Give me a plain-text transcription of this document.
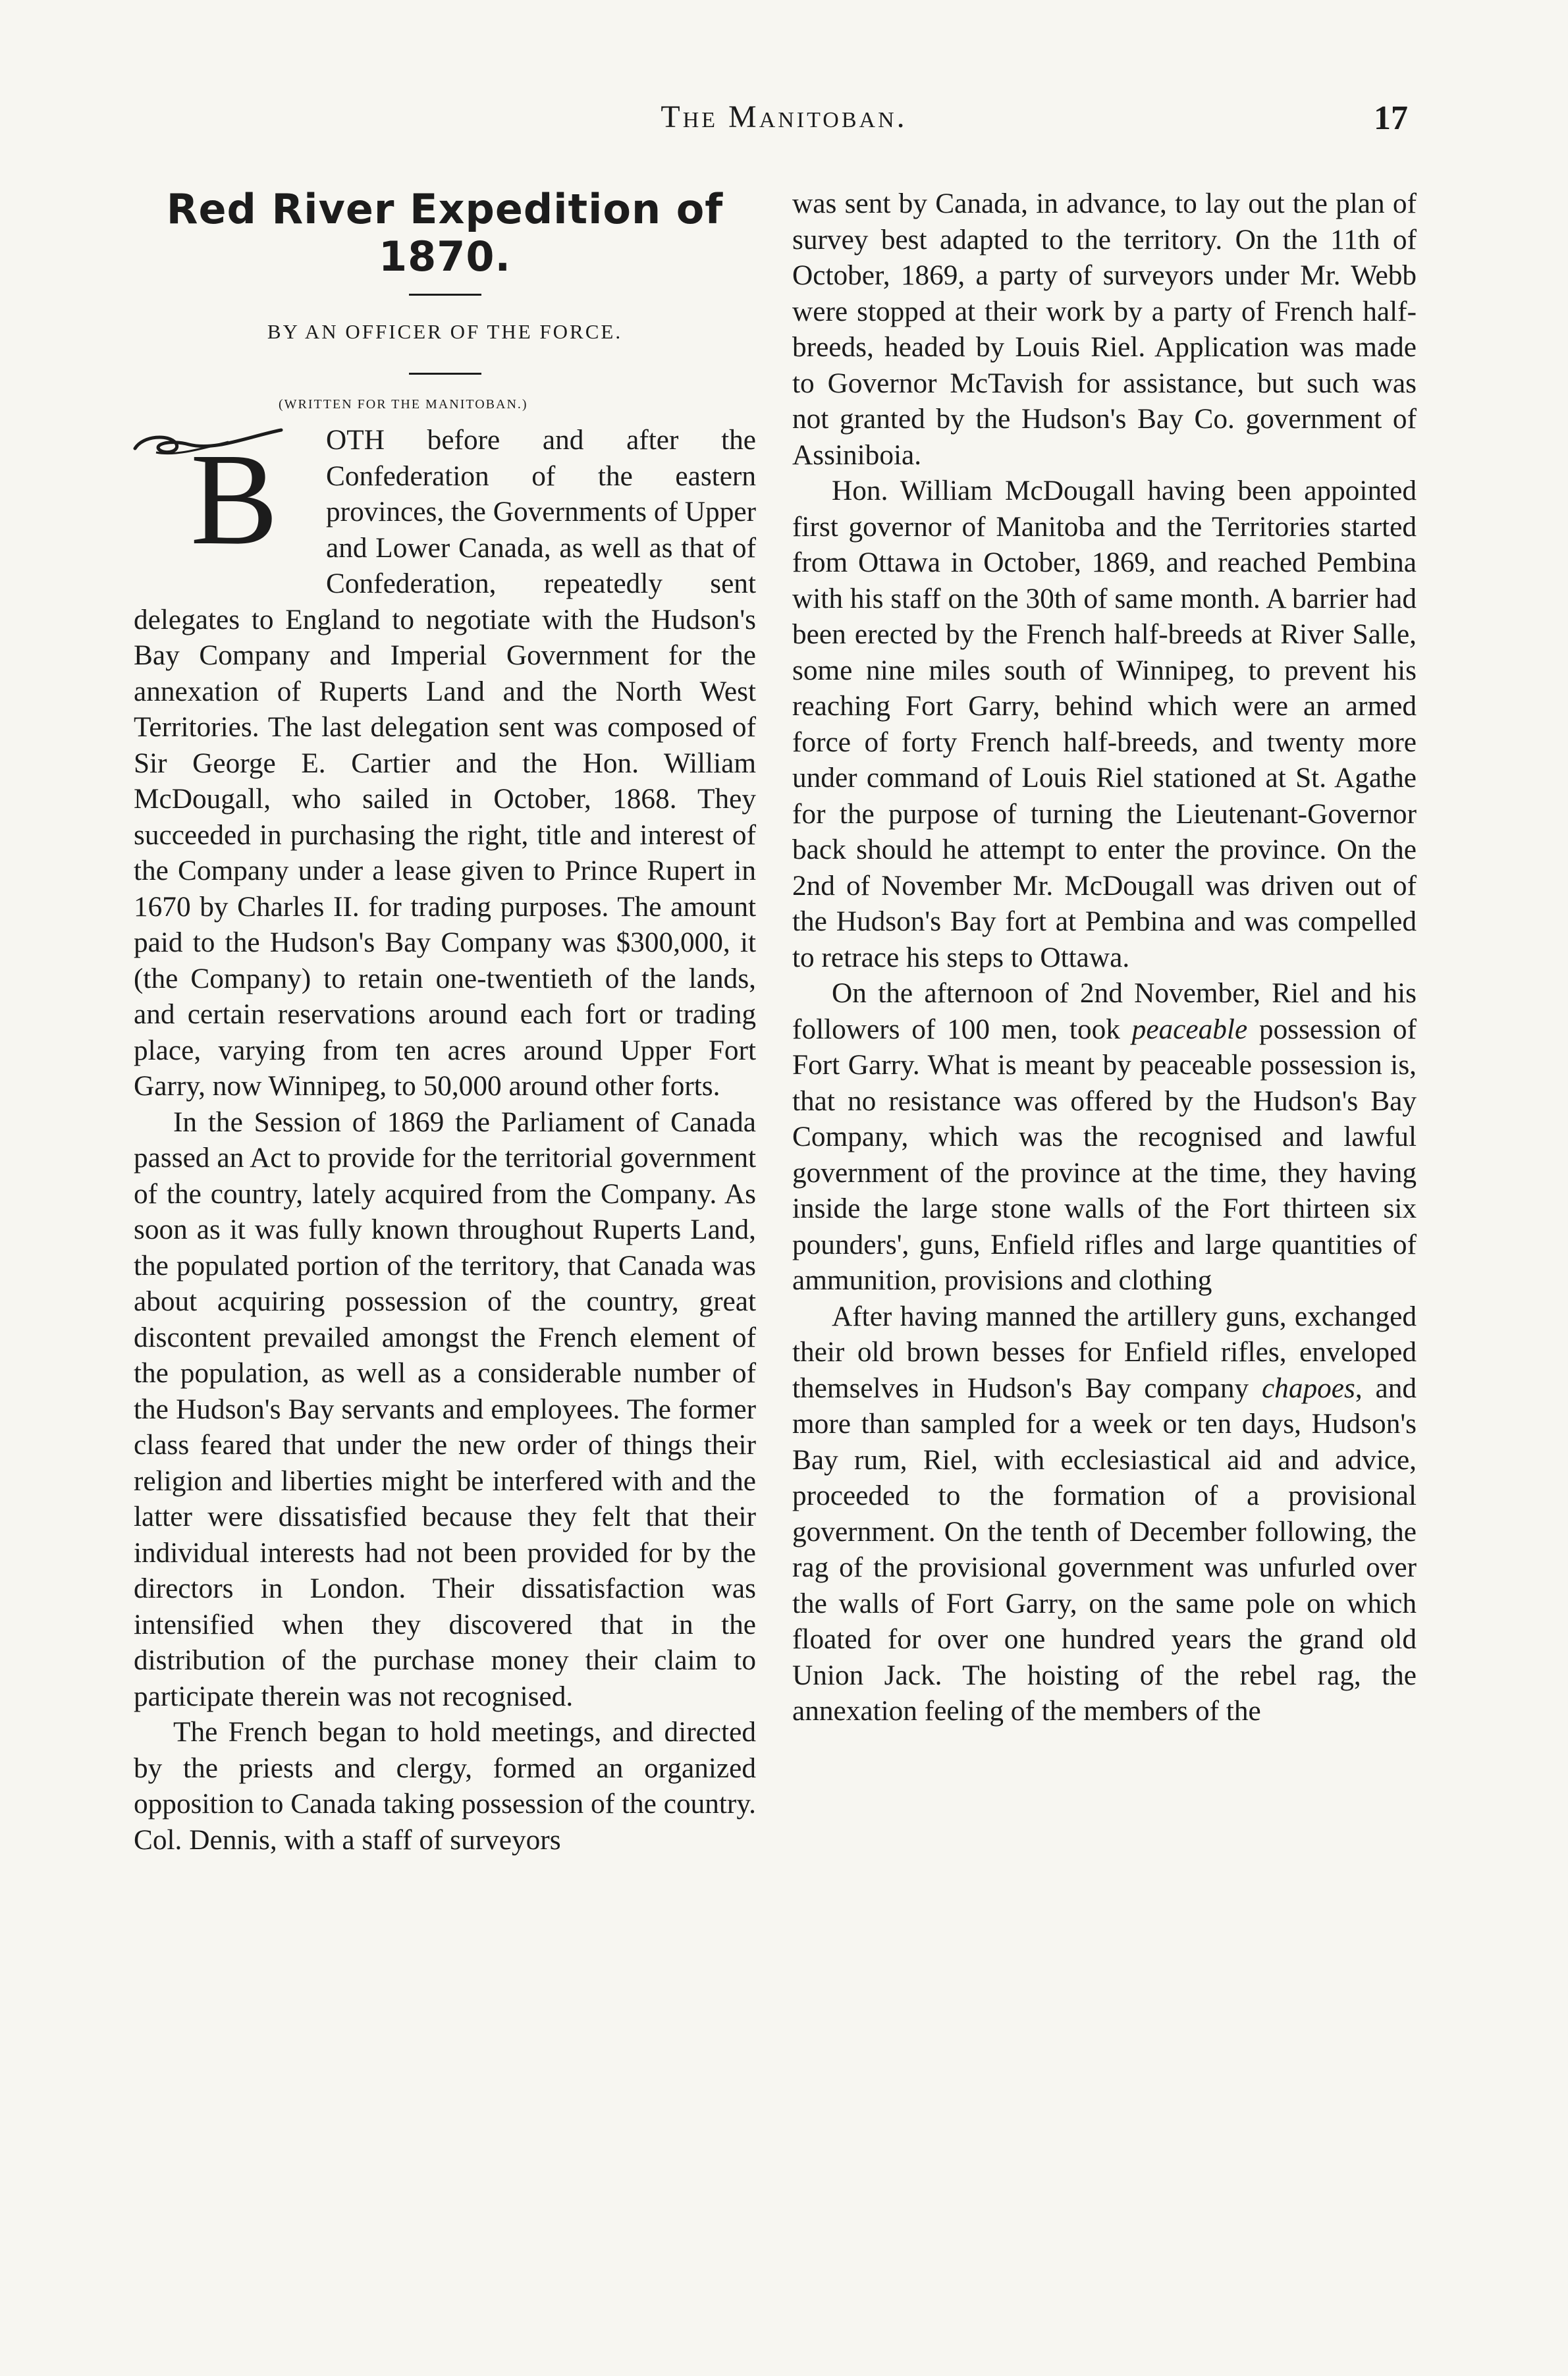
The Manitoban.	17
Red River Expedition of 1870.
BY AN OFFICER OF THE FORCE.
(WRITTEN FOR THE MANITOBAN.)

B OTH before and after the Confederation of the eastern provinces, the Governments of Upper and Lower Canada, as well as that of Confederation, repeatedly sent delegates to England to negotiate with the Hudson's Bay Company and Imperial Government for the annexation of Ruperts Land and the North West Territories. The last delegation sent was composed of Sir George E. Cartier and the Hon. William McDougall, who sailed in October, 1868. They succeeded in purchasing the right, title and interest of the Company under a lease given to Prince Rupert in 1670 by Charles II. for trading purposes. The amount paid to the Hudson's Bay Company was $300,000, it (the Company) to retain one-twentieth of the lands, and certain reservations around each fort or trading place, varying from ten acres around Upper Fort Garry, now Winnipeg, to 50,000 around other forts.

In the Session of 1869 the Parliament of Canada passed an Act to provide for the territorial government of the country, lately acquired from the Company. As soon as it was fully known throughout Ruperts Land, the populated portion of the territory, that Canada was about acquiring possession of the country, great discontent prevailed amongst the French element of the population, as well as a considerable number of the Hudson's Bay servants and employees. The former class feared that under the new order of things their religion and liberties might be interfered with and the latter were dissatisfied because they felt that their individual interests had not been provided for by the directors in London. Their dissatisfaction was intensified when they discovered that in the distribution of the purchase money their claim to participate therein was not recognised.

The French began to hold meetings, and directed by the priests and clergy, formed an organized opposition to Canada taking possession of the country. Col. Dennis, with a staff of surveyors

was sent by Canada, in advance, to lay out the plan of survey best adapted to the territory. On the 11th of October, 1869, a party of surveyors under Mr. Webb were stopped at their work by a party of French half-breeds, headed by Louis Riel. Application was made to Governor McTavish for assistance, but such was not granted by the Hudson's Bay Co. government of Assiniboia.

Hon. William McDougall having been appointed first governor of Manitoba and the Territories started from Ottawa in October, 1869, and reached Pembina with his staff on the 30th of same month. A barrier had been erected by the French half-breeds at River Salle, some nine miles south of Winnipeg, to prevent his reaching Fort Garry, behind which were an armed force of forty French half-breeds, and twenty more under command of Louis Riel stationed at St. Agathe for the purpose of turning the Lieutenant-Governor back should he attempt to enter the province. On the 2nd of November Mr. McDougall was driven out of the Hudson's Bay fort at Pembina and was compelled to retrace his steps to Ottawa.

On the afternoon of 2nd November, Riel and his followers of 100 men, took peaceable possession of Fort Garry. What is meant by peaceable possession is, that no resistance was offered by the Hudson's Bay Company, which was the recognised and lawful government of the province at the time, they having inside the large stone walls of the Fort thirteen six pounders', guns, Enfield rifles and large quantities of ammunition, provisions and clothing

After having manned the artillery guns, exchanged their old brown besses for Enfield rifles, enveloped themselves in Hudson's Bay company chapoes, and more than sampled for a week or ten days, Hudson's Bay rum, Riel, with ecclesiastical aid and advice, proceeded to the formation of a provisional government. On the tenth of December following, the rag of the provisional government was unfurled over the walls of Fort Garry, on the same pole on which floated for over one hundred years the grand old Union Jack. The hoisting of the rebel rag, the annexation feeling of the members of the
